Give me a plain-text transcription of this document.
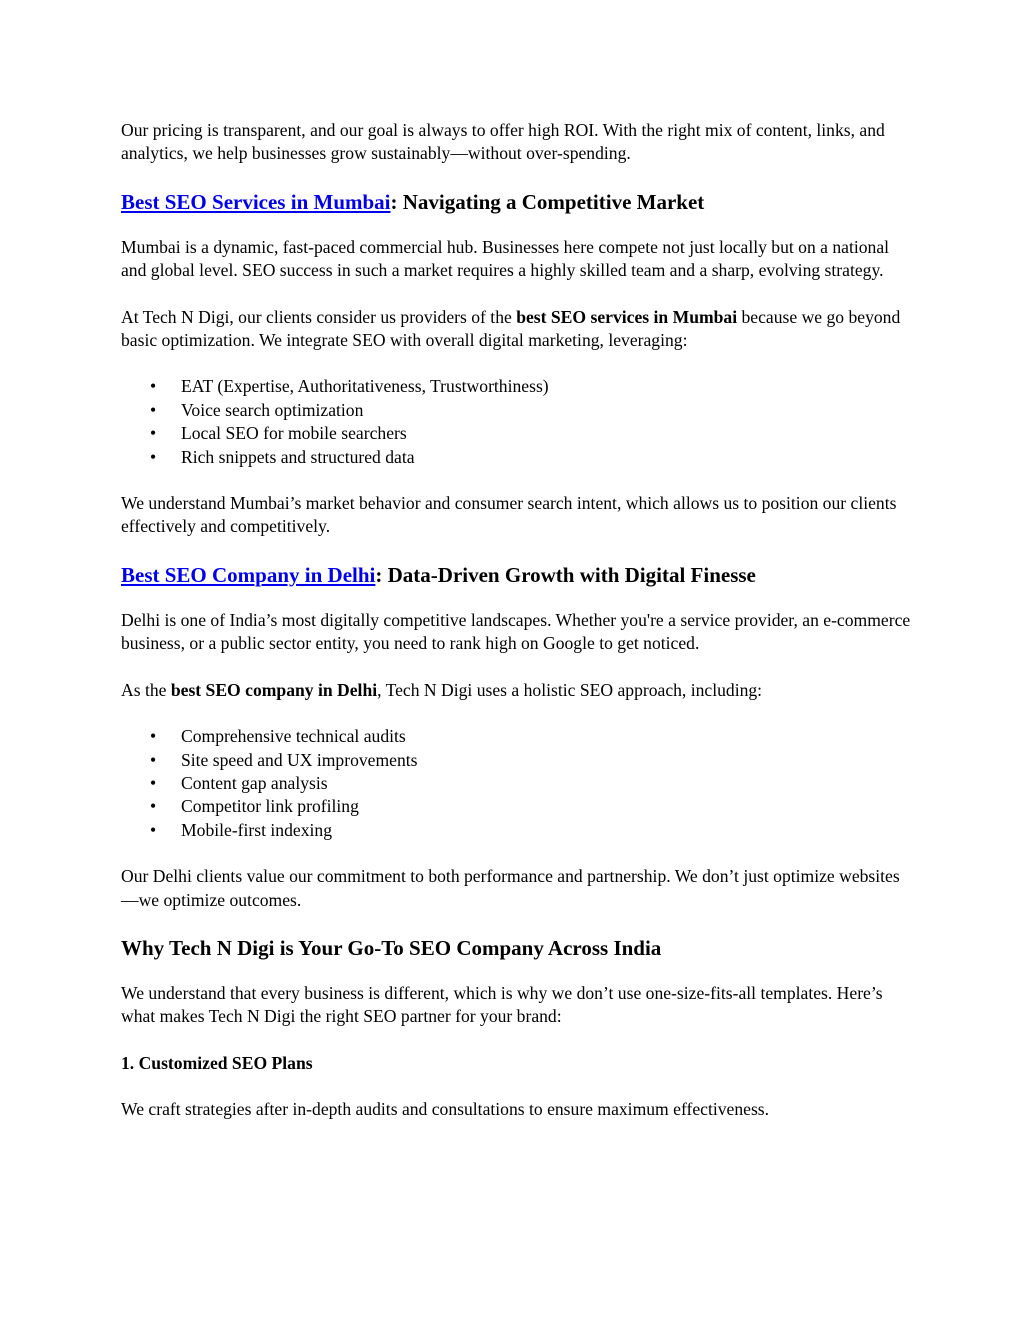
Our pricing is transparent, and our goal is always to offer high ROI. With the right mix of content, links, and analytics, we help businesses grow sustainably—without over-spending.

Best SEO Services in Mumbai: Navigating a Competitive Market

Mumbai is a dynamic, fast-paced commercial hub. Businesses here compete not just locally but on a national and global level. SEO success in such a market requires a highly skilled team and a sharp, evolving strategy.

At Tech N Digi, our clients consider us providers of the best SEO services in Mumbai because we go beyond basic optimization. We integrate SEO with overall digital marketing, leveraging:

• EAT (Expertise, Authoritativeness, Trustworthiness)
• Voice search optimization
• Local SEO for mobile searchers
• Rich snippets and structured data

We understand Mumbai’s market behavior and consumer search intent, which allows us to position our clients effectively and competitively.

Best SEO Company in Delhi: Data-Driven Growth with Digital Finesse

Delhi is one of India’s most digitally competitive landscapes. Whether you're a service provider, an e-commerce business, or a public sector entity, you need to rank high on Google to get noticed.

As the best SEO company in Delhi, Tech N Digi uses a holistic SEO approach, including:

• Comprehensive technical audits
• Site speed and UX improvements
• Content gap analysis
• Competitor link profiling
• Mobile-first indexing

Our Delhi clients value our commitment to both performance and partnership. We don’t just optimize websites—we optimize outcomes.

Why Tech N Digi is Your Go-To SEO Company Across India

We understand that every business is different, which is why we don’t use one-size-fits-all templates. Here’s what makes Tech N Digi the right SEO partner for your brand:

1. Customized SEO Plans

We craft strategies after in-depth audits and consultations to ensure maximum effectiveness.
